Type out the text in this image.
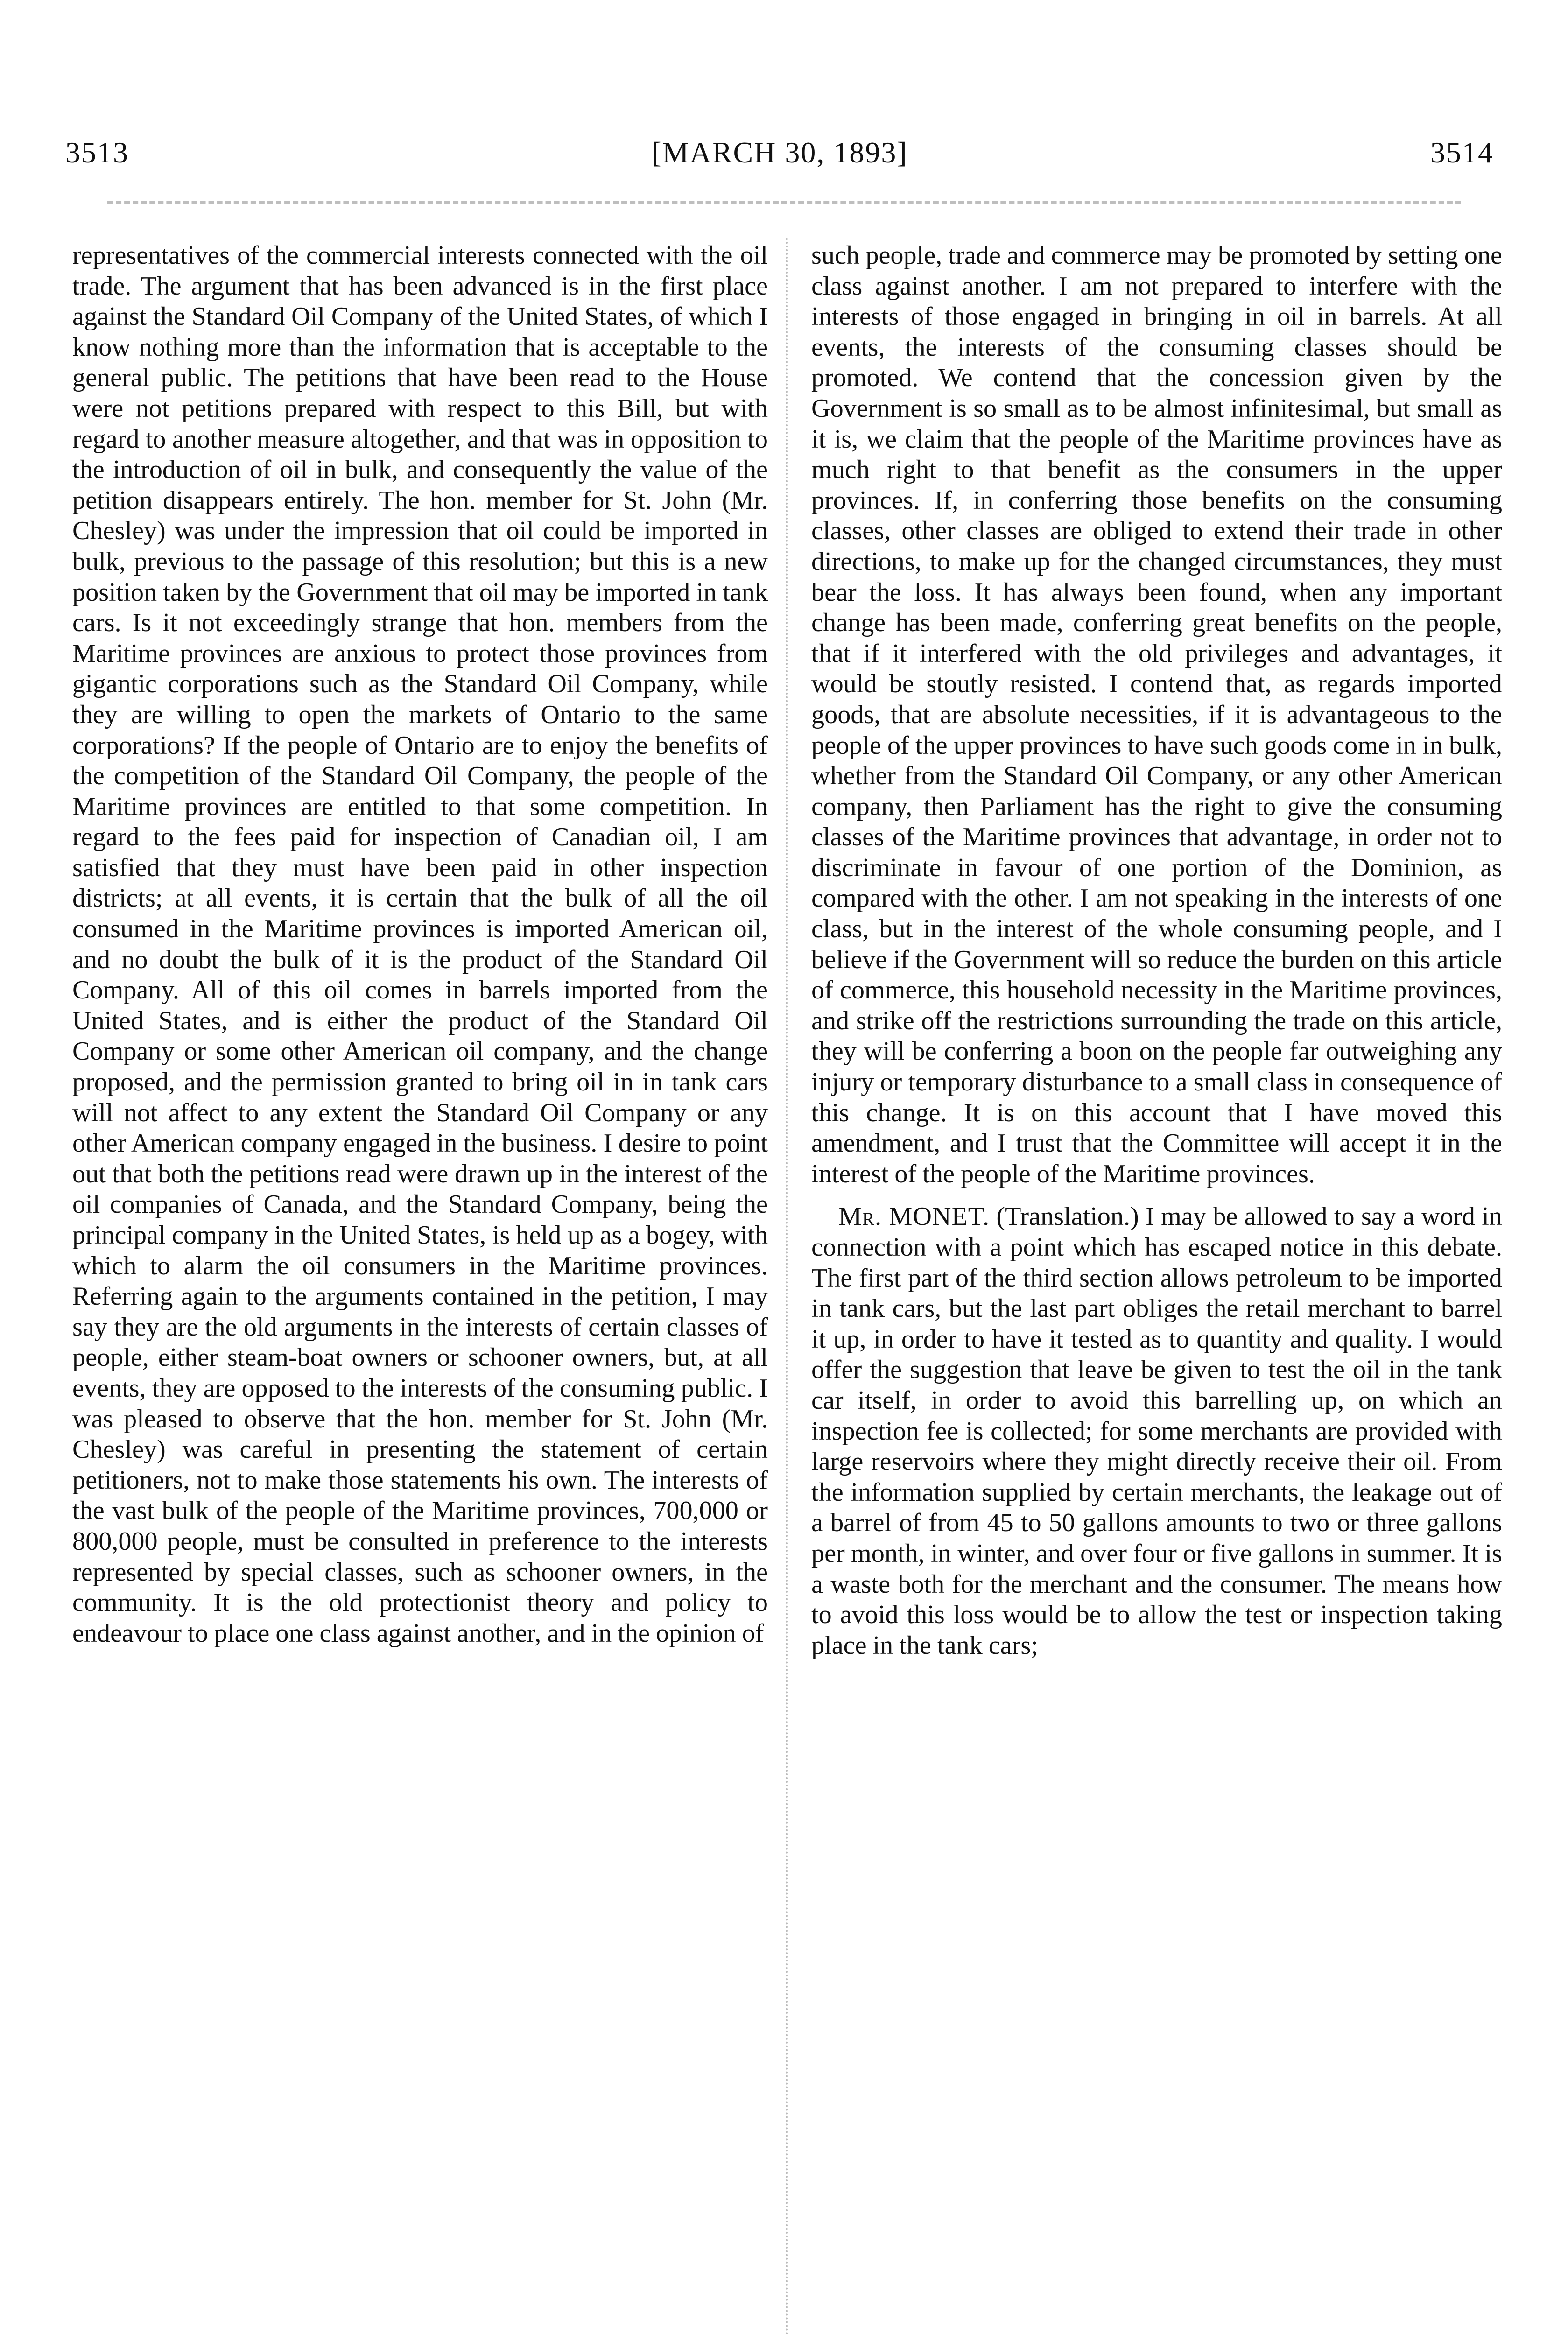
[MARCH 30, 1893]
3513	3514

representatives of the commercial interests connected with the oil trade. The argument that has been advanced is in the first place against the Standard Oil Company of the United States, of which I know nothing more than the information that is acceptable to the general public. The petitions that have been read to the House were not petitions prepared with respect to this Bill, but with regard to another measure altogether, and that was in opposition to the introduction of oil in bulk, and consequently the value of the petition disappears entirely. The hon. member for St. John (Mr. Chesley) was under the impression that oil could be imported in bulk, previous to the passage of this resolution; but this is a new position taken by the Government that oil may be imported in tank cars. Is it not exceedingly strange that hon. members from the Maritime provinces are anxious to protect those provinces from gigantic corporations such as the Standard Oil Company, while they are willing to open the markets of Ontario to the same corporations? If the people of Ontario are to enjoy the benefits of the competition of the Standard Oil Company, the people of the Maritime provinces are entitled to that some competition. In regard to the fees paid for inspection of Canadian oil, I am satisfied that they must have been paid in other inspection districts; at all events, it is certain that the bulk of all the oil consumed in the Maritime provinces is imported American oil, and no doubt the bulk of it is the product of the Standard Oil Company. All of this oil comes in barrels imported from the United States, and is either the product of the Standard Oil Company or some other American oil company, and the change proposed, and the permission granted to bring oil in in tank cars will not affect to any extent the Standard Oil Company or any other American company engaged in the business. I desire to point out that both the petitions read were drawn up in the interest of the oil companies of Canada, and the Standard Company, being the principal company in the United States, is held up as a bogey, with which to alarm the oil consumers in the Maritime provinces. Referring again to the arguments contained in the petition, I may say they are the old arguments in the interests of certain classes of people, either steam-boat owners or schooner owners, but, at all events, they are opposed to the interests of the consuming public. I was pleased to observe that the hon. member for St. John (Mr. Chesley) was careful in presenting the statement of certain petitioners, not to make those statements his own. The interests of the vast bulk of the people of the Maritime provinces, 700,000 or 800,000 people, must be consulted in preference to the interests represented by special classes, such as schooner owners, in the community. It is the old protectionist theory and policy to endeavour to place one class against another, and in the opinion of

such people, trade and commerce may be promoted by setting one class against another. I am not prepared to interfere with the interests of those engaged in bringing in oil in barrels. At all events, the interests of the consuming classes should be promoted. We contend that the concession given by the Government is so small as to be almost infinitesimal, but small as it is, we claim that the people of the Maritime provinces have as much right to that benefit as the consumers in the upper provinces. If, in conferring those benefits on the consuming classes, other classes are obliged to extend their trade in other directions, to make up for the changed circumstances, they must bear the loss. It has always been found, when any important change has been made, conferring great benefits on the people, that if it interfered with the old privileges and advantages, it would be stoutly resisted. I contend that, as regards imported goods, that are absolute necessities, if it is advantageous to the people of the upper provinces to have such goods come in in bulk, whether from the Standard Oil Company, or any other American company, then Parliament has the right to give the consuming classes of the Maritime provinces that advantage, in order not to discriminate in favour of one portion of the Dominion, as compared with the other. I am not speaking in the interests of one class, but in the interest of the whole consuming people, and I believe if the Government will so reduce the burden on this article of commerce, this household necessity in the Maritime provinces, and strike off the restrictions surrounding the trade on this article, they will be conferring a boon on the people far outweighing any injury or temporary disturbance to a small class in consequence of this change. It is on this account that I have moved this amendment, and I trust that the Committee will accept it in the interest of the people of the Maritime provinces.

Mr. MONET. (Translation.) I may be allowed to say a word in connection with a point which has escaped notice in this debate. The first part of the third section allows petroleum to be imported in tank cars, but the last part obliges the retail merchant to barrel it up, in order to have it tested as to quantity and quality. I would offer the suggestion that leave be given to test the oil in the tank car itself, in order to avoid this barrelling up, on which an inspection fee is collected; for some merchants are provided with large reservoirs where they might directly receive their oil. From the information supplied by certain merchants, the leakage out of a barrel of from 45 to 50 gallons amounts to two or three gallons per month, in winter, and over four or five gallons in summer. It is a waste both for the merchant and the consumer. The means how to avoid this loss would be to allow the test or inspection taking place in the tank cars;
